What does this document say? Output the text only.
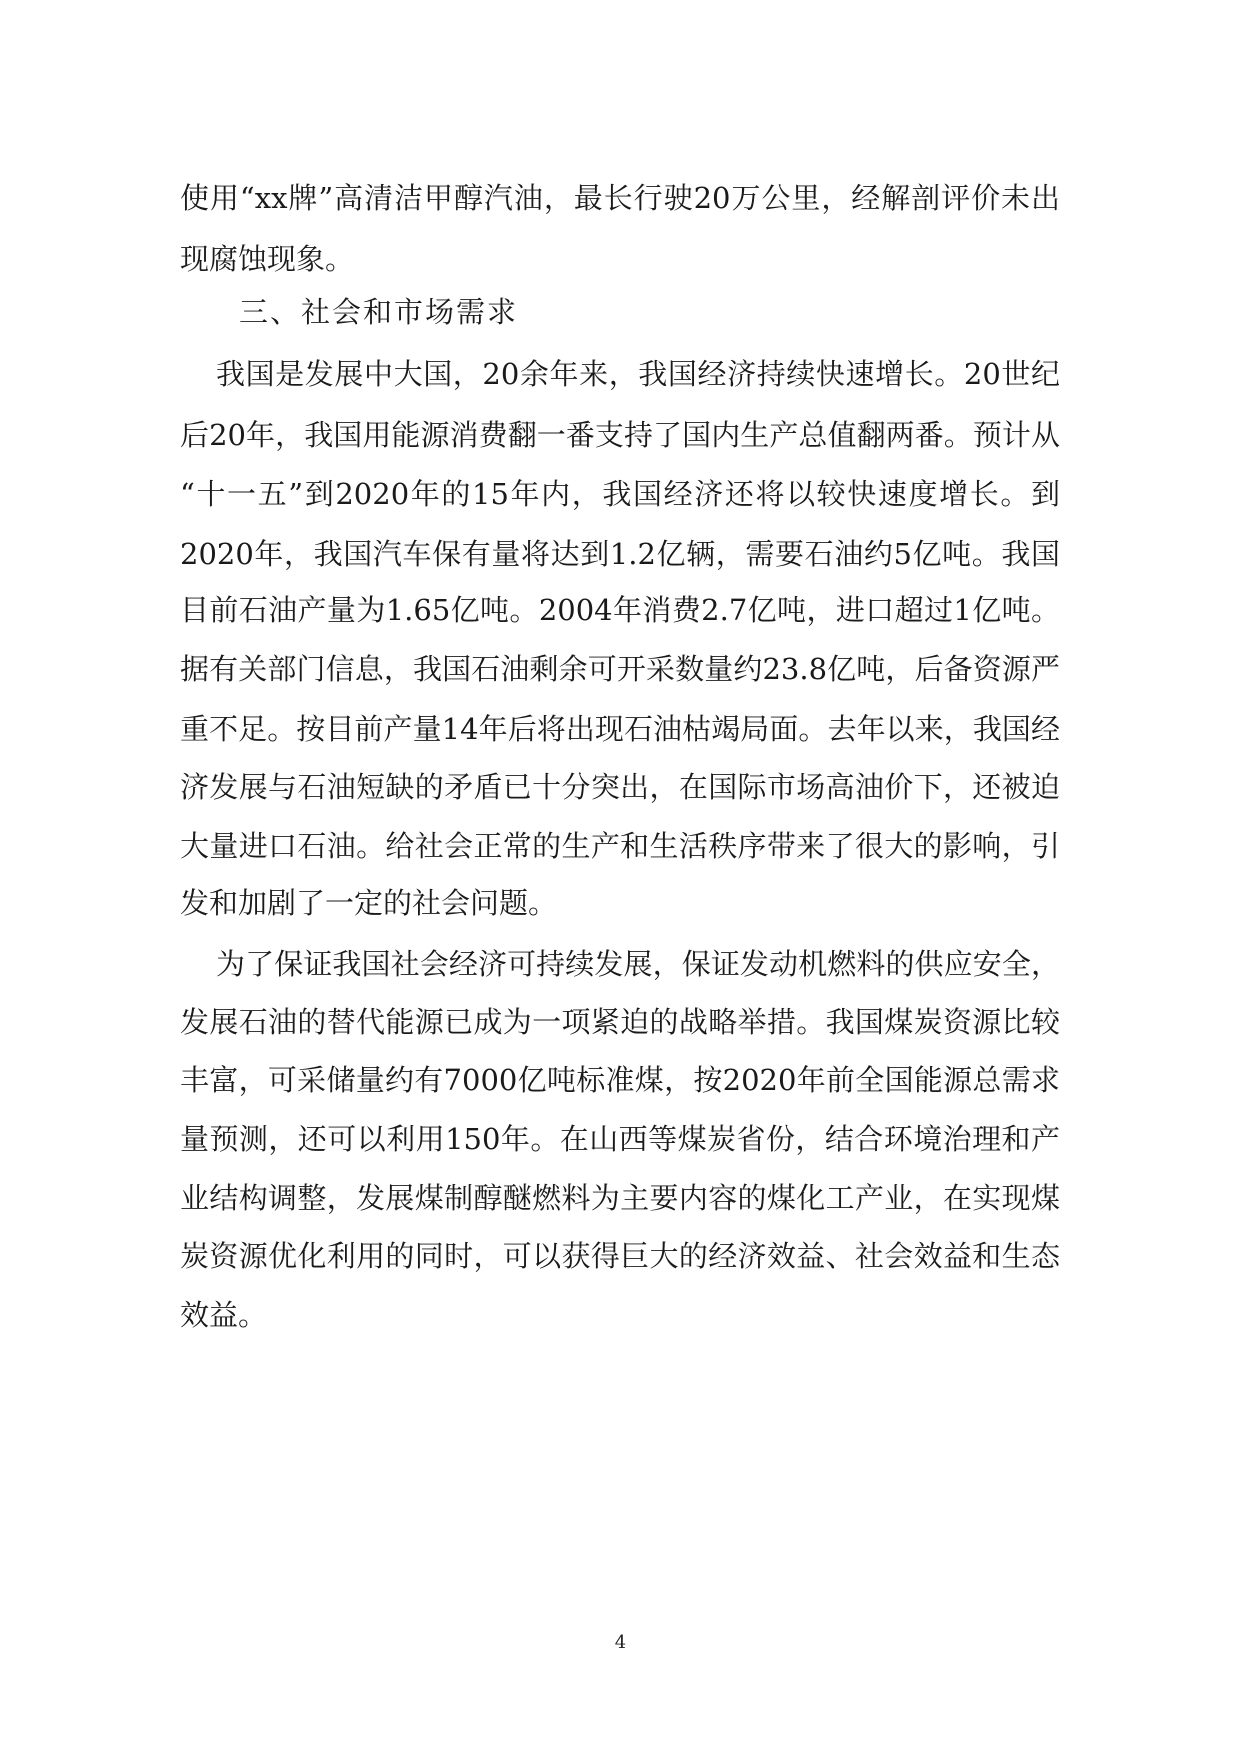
使用“xx牌”高清洁甲醇汽油，最长行驶20万公里，经解剖评价未出
现腐蚀现象。
三、社会和市场需求
我国是发展中大国，20余年来，我国经济持续快速增长。20世纪
后20年，我国用能源消费翻一番支持了国内生产总值翻两番。预计从
“十一五”到2020年的15年内，我国经济还将以较快速度增长。到
2020年，我国汽车保有量将达到1.2亿辆，需要石油约5亿吨。我国
目前石油产量为1.65亿吨。2004年消费2.7亿吨，进口超过1亿吨。
据有关部门信息，我国石油剩余可开采数量约23.8亿吨，后备资源严
重不足。按目前产量14年后将出现石油枯竭局面。去年以来，我国经
济发展与石油短缺的矛盾已十分突出，在国际市场高油价下，还被迫
大量进口石油。给社会正常的生产和生活秩序带来了很大的影响，引
发和加剧了一定的社会问题。
为了保证我国社会经济可持续发展，保证发动机燃料的供应安全，
发展石油的替代能源已成为一项紧迫的战略举措。我国煤炭资源比较
丰富，可采储量约有7000亿吨标准煤，按2020年前全国能源总需求
量预测，还可以利用150年。在山西等煤炭省份，结合环境治理和产
业结构调整，发展煤制醇醚燃料为主要内容的煤化工产业，在实现煤
炭资源优化利用的同时，可以获得巨大的经济效益、社会效益和生态
效益。
4
